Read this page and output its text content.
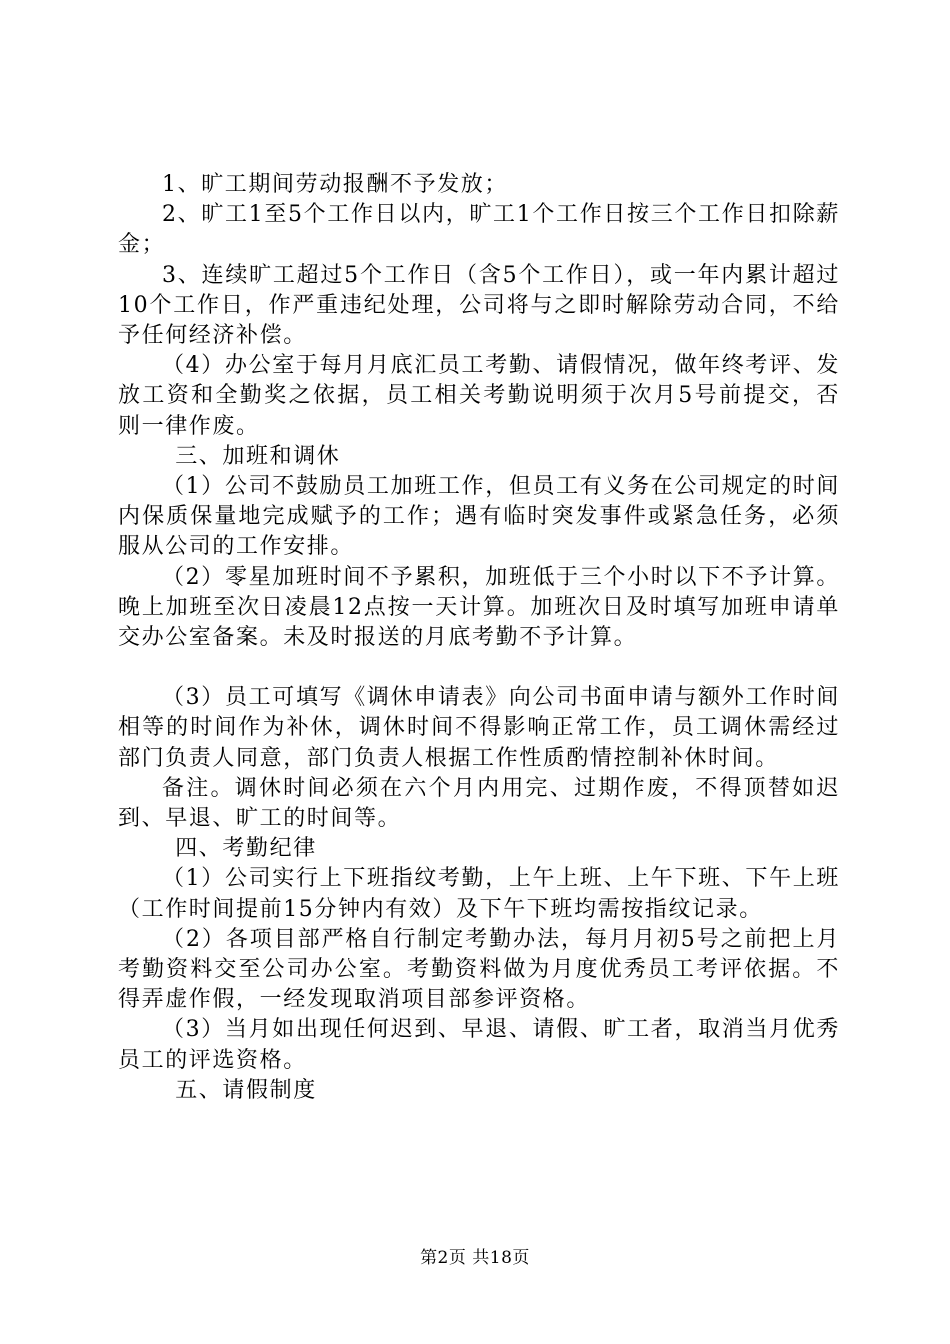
1、旷工期间劳动报酬不予发放；

2、旷工1至5个工作日以内，旷工1个工作日按三个工作日扣除薪金；

3、连续旷工超过5个工作日（含5个工作日），或一年内累计超过10个工作日，作严重违纪处理，公司将与之即时解除劳动合同，不给予任何经济补偿。

（4）办公室于每月月底汇员工考勤、请假情况，做年终考评、发放工资和全勤奖之依据，员工相关考勤说明须于次月5号前提交，否则一律作废。

三、加班和调休

（1）公司不鼓励员工加班工作，但员工有义务在公司规定的时间内保质保量地完成赋予的工作；遇有临时突发事件或紧急任务，必须服从公司的工作安排。

（2）零星加班时间不予累积，加班低于三个小时以下不予计算。晚上加班至次日凌晨12点按一天计算。加班次日及时填写加班申请单交办公室备案。未及时报送的月底考勤不予计算。

（3）员工可填写《调休申请表》向公司书面申请与额外工作时间相等的时间作为补休，调休时间不得影响正常工作，员工调休需经过部门负责人同意，部门负责人根据工作性质酌情控制补休时间。

备注。调休时间必须在六个月内用完、过期作废，不得顶替如迟到、早退、旷工的时间等。

四、考勤纪律

（1）公司实行上下班指纹考勤，上午上班、上午下班、下午上班（工作时间提前15分钟内有效）及下午下班均需按指纹记录。

（2）各项目部严格自行制定考勤办法，每月月初5号之前把上月考勤资料交至公司办公室。考勤资料做为月度优秀员工考评依据。不得弄虚作假，一经发现取消项目部参评资格。

（3）当月如出现任何迟到、早退、请假、旷工者，取消当月优秀员工的评选资格。

五、请假制度

第2页 共18页
